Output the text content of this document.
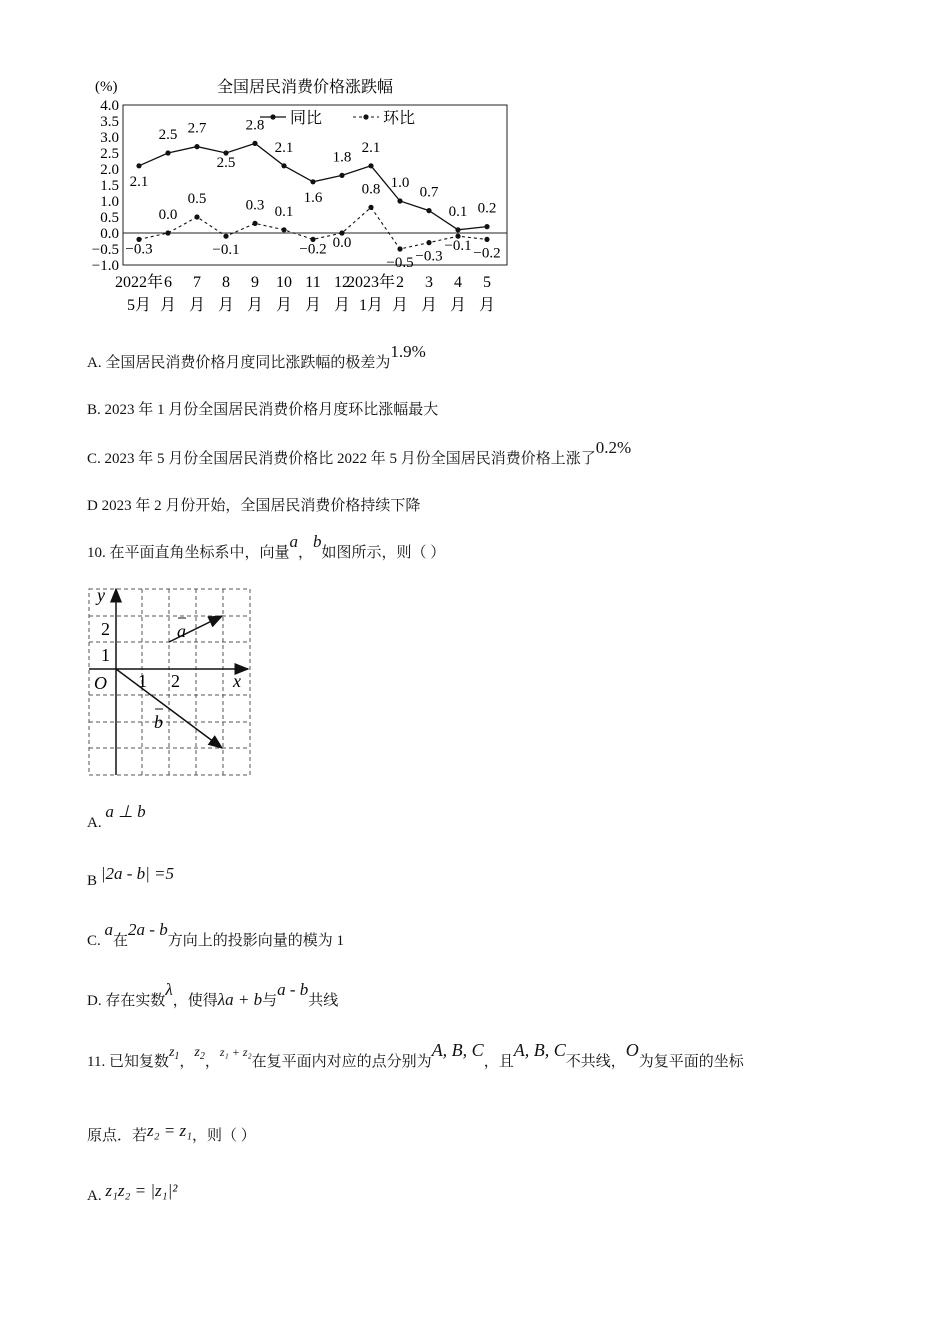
(%)	全国居民消费价格涨跌幅
4.0
3.5
3.0
2.5
2.0
1.5
1.0
0.5
0.0
−0.5
−1.0
2.1
2.5 2.7
2.5
2.8
2.1
1.6
1.8
2.1
1.0
0.7
0.1 0.2
−0.3
0.0
0.5
−0.1
0.3 0.1
−0.2 0.0
0.8
−0.5 −0.3
−0.1 −0.2
同比	环比
2022年
5月
6
月
7
月
8
月
9
月
10
月
11
月
12
月
2023年
1月
2
月
3
月
4
月
5
月
A. 全国居民消费价格月度同比涨跌幅的极差为1.9%
B. 2023 年 1 月份全国居民消费价格月度环比涨幅最大
C. 2023 年 5 月份全国居民消费价格比 2022 年 5 月份全国居民消费价格上涨了0.2%
D 2023 年 2 月份开始，全国居民消费价格持续下降
10. 在平面直角坐标系中，向量a，b如图所示，则（ ）
y
x
O 1 2
1
2	a
b
A. a ⊥ b
B |2a - b| =5
C. a在2a - b方向上的投影向量的模为 1
D. 存在实数λ，使得λa + b与a - b共线
11. 已知复数$z_1$，$z_2$，$^{z_1 + z_2}$在复平面内对应的点分别为A, B, C，且A, B, C不共线，O为复平面的坐标
原点．若z₂ = z₁，则（ ）
A. z₁z₂ = |z₁|²
